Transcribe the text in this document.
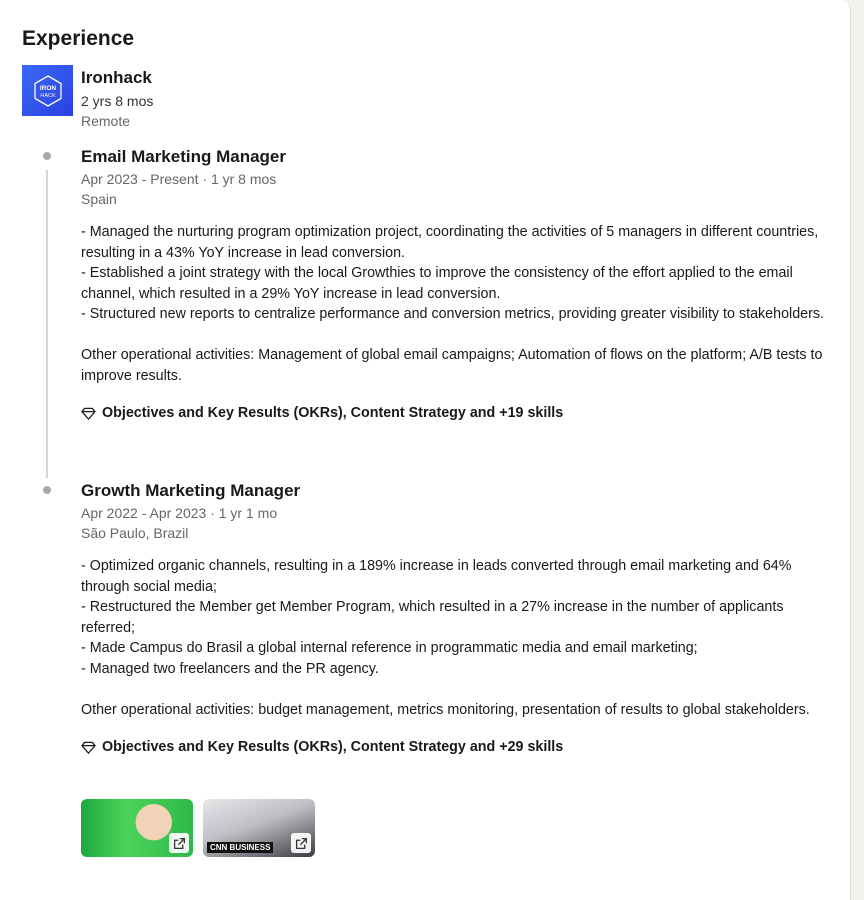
Experience
IRON
HACK
Ironhack
2 yrs 8 mos
Remote
Email Marketing Manager
Apr 2023 - Present · 1 yr 8 mos
Spain

- Managed the nurturing program optimization project, coordinating the activities of 5 managers in different countries, resulting in a 43% YoY increase in lead conversion.

- Established a joint strategy with the local Growthies to improve the consistency of the effort applied to the email channel, which resulted in a 29% YoY increase in lead conversion.

- Structured new reports to centralize performance and conversion metrics, providing greater visibility to stakeholders.

Other operational activities: Management of global email campaigns; Automation of flows on the platform; A/B tests to improve results.

Objectives and Key Results (OKRs), Content Strategy and +19 skills
Growth Marketing Manager
Apr 2022 - Apr 2023 · 1 yr 1 mo
São Paulo, Brazil

- Optimized organic channels, resulting in a 189% increase in leads converted through email marketing and 64% through social media;

- Restructured the Member get Member Program, which resulted in a 27% increase in the number of applicants referred;

- Made Campus do Brasil a global internal reference in programmatic media and email marketing;

- Managed two freelancers and the PR agency.

Other operational activities: budget management, metrics monitoring, presentation of results to global stakeholders.

Objectives and Key Results (OKRs), Content Strategy and +29 skills
CNN BUSINESS
